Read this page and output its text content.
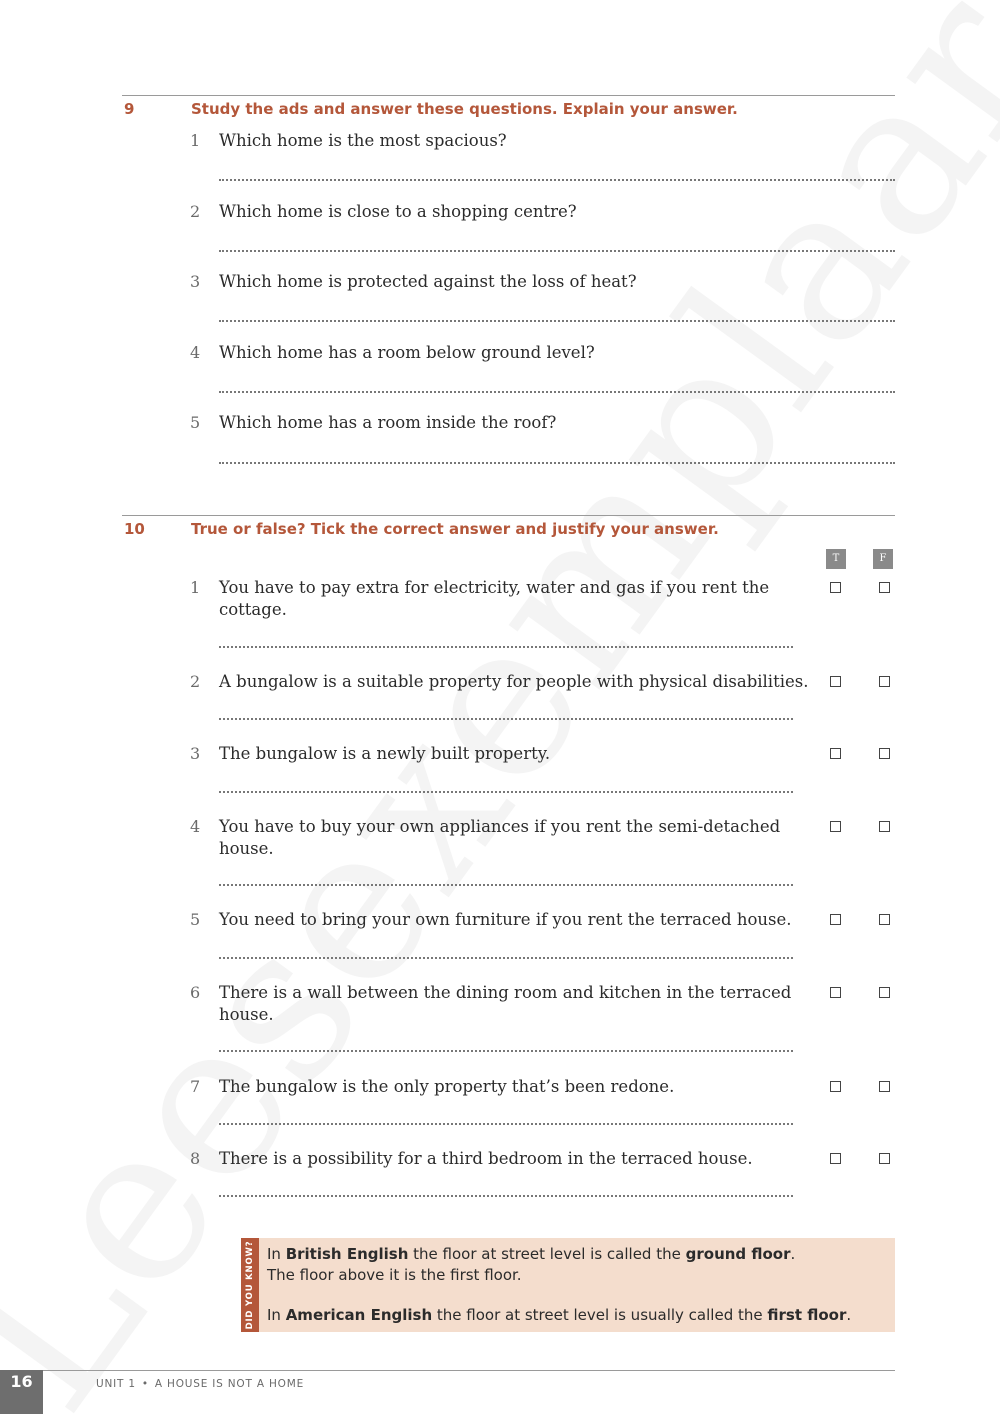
9	Study the ads and answer these questions. Explain your answer.
1 Which home is the most spacious?
2 Which home is close to a shopping centre?
3 Which home is protected against the loss of heat?
4 Which home has a room below ground level?
5 Which home has a room inside the roof?
10	True or false? Tick the correct answer and justify your answer.
T	F
1 You have to pay extra for electricity, water and gas if you rent the cottage.
2 A bungalow is a suitable property for people with physical disabilities.
3 The bungalow is a newly built property.
4 You have to buy your own appliances if you rent the semi-detached house.
5 You need to bring your own furniture if you rent the terraced house.
6 There is a wall between the dining room and kitchen in the terraced house.
7 The bungalow is the only property that’s been redone.
8 There is a possibility for a third bedroom in the terraced house.
DID YOU KNOW? In British English the floor at street level is called the ground floor.
The floor above it is the first floor.
In American English the floor at street level is usually called the first floor.
16	UNIT 1 • A HOUSE IS NOT A HOME
